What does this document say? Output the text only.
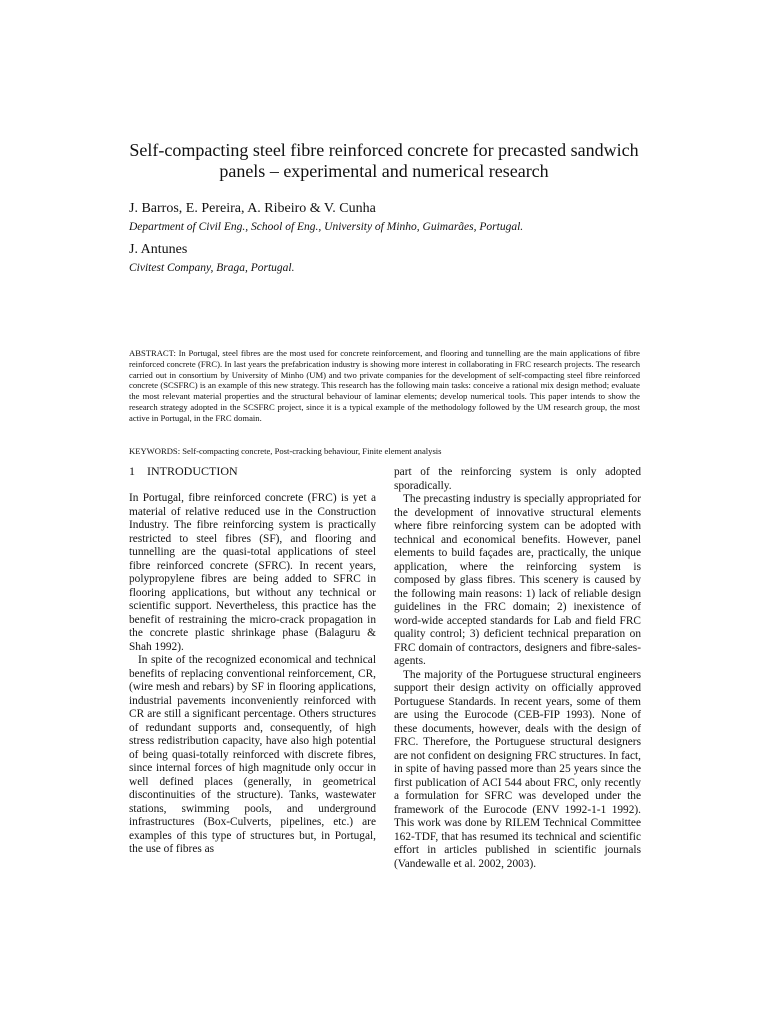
Self-compacting steel fibre reinforced concrete for precasted sandwich panels – experimental and numerical research
J. Barros, E. Pereira, A. Ribeiro & V. Cunha
Department of Civil Eng., School of Eng., University of Minho, Guimarães, Portugal.
J. Antunes
Civitest Company, Braga, Portugal.
ABSTRACT: In Portugal, steel fibres are the most used for concrete reinforcement, and flooring and tunnelling are the main applications of fibre reinforced concrete (FRC). In last years the prefabrication industry is showing more interest in collaborating in FRC research projects. The research carried out in consortium by University of Minho (UM) and two private companies for the development of self-compacting steel fibre reinforced concrete (SCSFRC) is an example of this new strategy. This research has the following main tasks: conceive a rational mix design method; evaluate the most relevant material properties and the structural behaviour of laminar elements; develop numerical tools. This paper intends to show the research strategy adopted in the SCSFRC project, since it is a typical example of the methodology followed by the UM research group, the most active in Portugal, in the FRC domain.
KEYWORDS: Self-compacting concrete, Post-cracking behaviour, Finite element analysis
1 INTRODUCTION

In Portugal, fibre reinforced concrete (FRC) is yet a material of relative reduced use in the Construction Industry. The fibre reinforcing system is practically restricted to steel fibres (SF), and flooring and tunnelling are the quasi-total applications of steel fibre reinforced concrete (SFRC). In recent years, polypropylene fibres are being added to SFRC in flooring applications, but without any technical or scientific support. Nevertheless, this practice has the benefit of restraining the micro-crack propagation in the concrete plastic shrinkage phase (Balaguru & Shah 1992).

In spite of the recognized economical and technical benefits of replacing conventional reinforcement, CR, (wire mesh and rebars) by SF in flooring applications, industrial pavements inconveniently reinforced with CR are still a significant percentage. Others structures of redundant supports and, consequently, of high stress redistribution capacity, have also high potential of being quasi-totally reinforced with discrete fibres, since internal forces of high magnitude only occur in well defined places (generally, in geometrical discontinuities of the structure). Tanks, wastewater stations, swimming pools, and underground infrastructures (Box-Culverts, pipelines, etc.) are examples of this type of structures but, in Portugal, the use of fibres as

part of the reinforcing system is only adopted sporadically.

The precasting industry is specially appropriated for the development of innovative structural elements where fibre reinforcing system can be adopted with technical and economical benefits. However, panel elements to build façades are, practically, the unique application, where the reinforcing system is composed by glass fibres. This scenery is caused by the following main reasons: 1) lack of reliable design guidelines in the FRC domain; 2) inexistence of word-wide accepted standards for Lab and field FRC quality control; 3) deficient technical preparation on FRC domain of contractors, designers and fibre-sales-agents.

The majority of the Portuguese structural engineers support their design activity on officially approved Portuguese Standards. In recent years, some of them are using the Eurocode (CEB-FIP 1993). None of these documents, however, deals with the design of FRC. Therefore, the Portuguese structural designers are not confident on designing FRC structures. In fact, in spite of having passed more than 25 years since the first publication of ACI 544 about FRC, only recently a formulation for SFRC was developed under the framework of the Eurocode (ENV 1992-1-1 1992). This work was done by RILEM Technical Committee 162-TDF, that has resumed its technical and scientific effort in articles published in scientific journals (Vandewalle et al. 2002, 2003).
